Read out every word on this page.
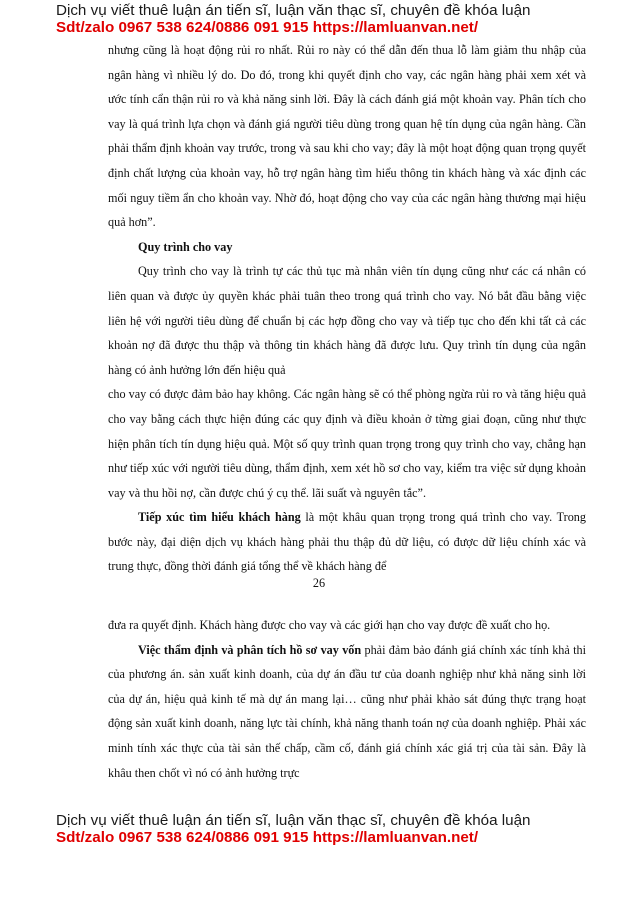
Dịch vụ viết thuê luận án tiến sĩ, luận văn thạc sĩ, chuyên đề khóa luận
Sdt/zalo 0967 538 624/0886 091 915 https://lamluanvan.net/

nhưng cũng là hoạt động rủi ro nhất. Rủi ro này có thể dẫn đến thua lỗ làm giảm thu nhập của ngân hàng vì nhiều lý do. Do đó, trong khi quyết định cho vay, các ngân hàng phải xem xét và ước tính cẩn thận rủi ro và khả năng sinh lời. Đây là cách đánh giá một khoản vay. Phân tích cho vay là quá trình lựa chọn và đánh giá người tiêu dùng trong quan hệ tín dụng của ngân hàng. Cần phải thẩm định khoản vay trước, trong và sau khi cho vay; đây là một hoạt động quan trọng quyết định chất lượng của khoản vay, hỗ trợ ngân hàng tìm hiểu thông tin khách hàng và xác định các mối nguy tiềm ẩn cho khoản vay. Nhờ đó, hoạt động cho vay của các ngân hàng thương mại hiệu quả hơn”.

Quy trình cho vay

Quy trình cho vay là trình tự các thủ tục mà nhân viên tín dụng cũng như các cá nhân có liên quan và được ủy quyền khác phải tuân theo trong quá trình cho vay. Nó bắt đầu bằng việc liên hệ với người tiêu dùng để chuẩn bị các hợp đồng cho vay và tiếp tục cho đến khi tất cả các khoản nợ đã được thu thập và thông tin khách hàng đã được lưu. Quy trình tín dụng của ngân hàng có ảnh hưởng lớn đến hiệu quả

cho vay có được đảm bảo hay không. Các ngân hàng sẽ có thể phòng ngừa rủi ro và tăng hiệu quả cho vay bằng cách thực hiện đúng các quy định và điều khoản ở từng giai đoạn, cũng như thực hiện phân tích tín dụng hiệu quả. Một số quy trình quan trọng trong quy trình cho vay, chẳng hạn như tiếp xúc với người tiêu dùng, thẩm định, xem xét hồ sơ cho vay, kiểm tra việc sử dụng khoản vay và thu hồi nợ, cần được chú ý cụ thể. lãi suất và nguyên tắc”.

Tiếp xúc tìm hiểu khách hàng là một khâu quan trọng trong quá trình cho vay. Trong bước này, đại diện dịch vụ khách hàng phải thu thập đủ dữ liệu, có được dữ liệu chính xác và trung thực, đồng thời đánh giá tổng thể về khách hàng để

26

đưa ra quyết định. Khách hàng được cho vay và các giới hạn cho vay được đề xuất cho họ.

Việc thẩm định và phân tích hồ sơ vay vốn phải đảm bảo đánh giá chính xác tính khả thi của phương án. sản xuất kinh doanh, của dự án đầu tư của doanh nghiệp như khả năng sinh lời của dự án, hiệu quả kinh tế mà dự án mang lại… cũng như phải khảo sát đúng thực trạng hoạt động sản xuất kinh doanh, năng lực tài chính, khả năng thanh toán nợ của doanh nghiệp. Phải xác minh tính xác thực của tài sản thế chấp, cầm cố, đánh giá chính xác giá trị của tài sản. Đây là khâu then chốt vì nó có ảnh hưởng trực

Dịch vụ viết thuê luận án tiến sĩ, luận văn thạc sĩ, chuyên đề khóa luận
Sdt/zalo 0967 538 624/0886 091 915 https://lamluanvan.net/
